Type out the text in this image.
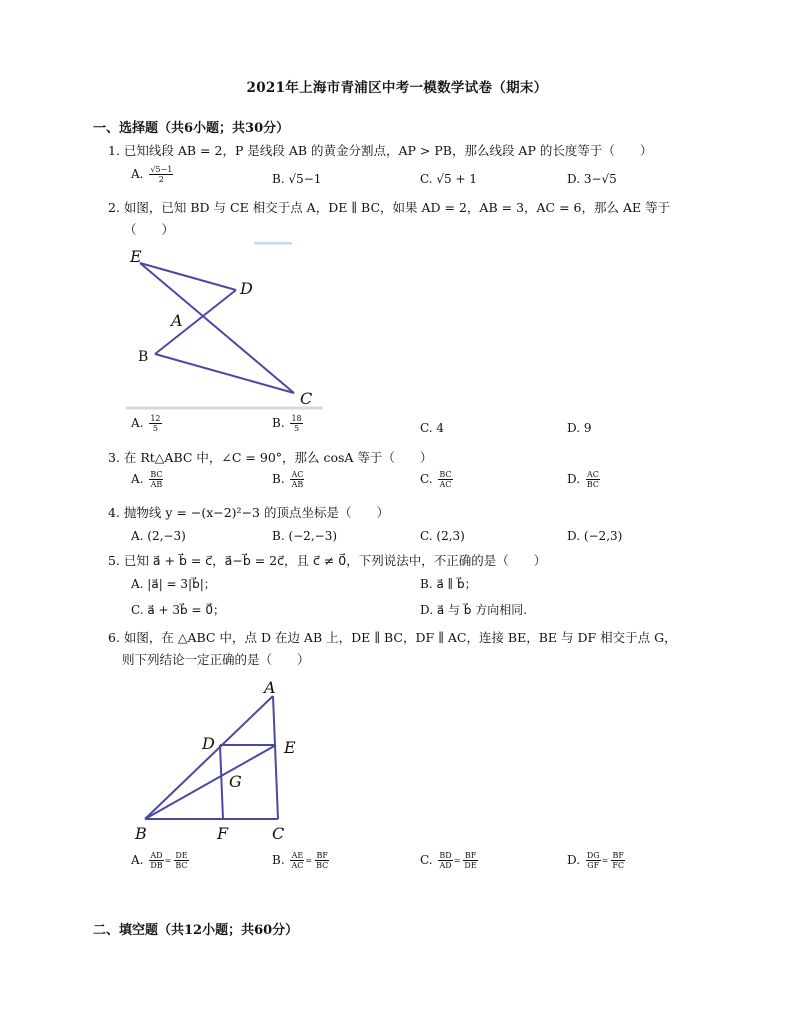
2021年上海市青浦区中考一模数学试卷（期末）
一、选择题（共6小题；共30分）
1. 已知线段 AB = 2，P 是线段 AB 的黄金分割点，AP > PB，那么线段 AP 的长度等于（　　）
A. $\frac{√5-1}{2}$	B. √5−1	C. √5 + 1	D. 3−√5
2. 如图，已知 BD 与 CE 相交于点 A，DE ∥ BC，如果 AD = 2，AB = 3，AC = 6，那么 AE 等于
（　　）
E
D
A
B
C
A. $\frac{12}{5}$	B. $\frac{18}{5}$	C. 4	D. 9
3. 在 Rt△ABC 中，∠C = 90°，那么 cosA 等于（　　）
A. $\frac{BC}{AB}$	B. $\frac{AC}{AB}$	C. $\frac{BC}{AC}$	D. $\frac{AC}{BC}$
4. 抛物线 y = −(x−2)²−3 的顶点坐标是（　　）
A. (2,−3)	B. (−2,−3)	C. (2,3)	D. (−2,3)
5. 已知 a⃗ + b⃗ = c⃗，a⃗−b⃗ = 2c⃗，且 c⃗ ≠ 0⃗，下列说法中，不正确的是（　　）
A. |a⃗| = 3|b⃗|；	B. a⃗ ∥ b⃗；
C. a⃗ + 3b⃗ = 0⃗；	D. a⃗ 与 b⃗ 方向相同.
6. 如图，在 △ABC 中，点 D 在边 AB 上，DE ∥ BC，DF ∥ AC，连接 BE，BE 与 DF 相交于点 G，
则下列结论一定正确的是（　　）
A
D	E
G
B	F	C
A. $\frac{AD}{DB} = \frac{DE}{BC}$	B. $\frac{AE}{AC} = \frac{BF}{BC}$	C. $\frac{BD}{AD} = \frac{BF}{DE}$	D. $\frac{DG}{GF} = \frac{BF}{FC}$
二、填空题（共12小题；共60分）
